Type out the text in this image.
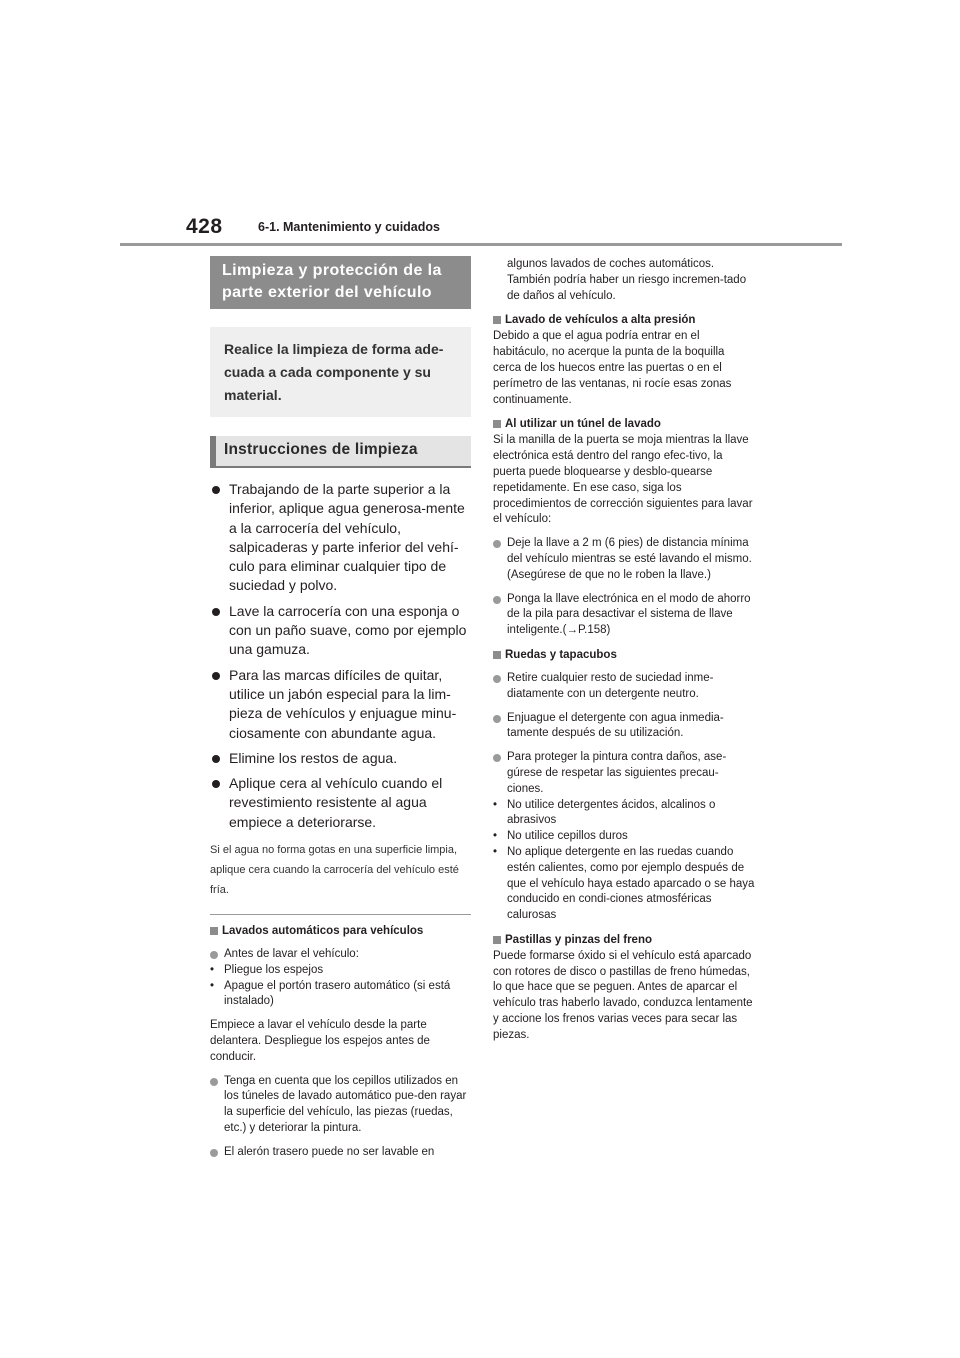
428	6-1. Mantenimiento y cuidados
Limpieza y protección de la parte exterior del vehículo
Realice la limpieza de forma ade-cuada a cada componente y su material.
Instrucciones de limpieza
Trabajando de la parte superior a la inferior, aplique agua generosa-mente a la carrocería del vehículo, salpicaderas y parte inferior del vehí-culo para eliminar cualquier tipo de suciedad y polvo.
Lave la carrocería con una esponja o con un paño suave, como por ejemplo una gamuza.
Para las marcas difíciles de quitar, utilice un jabón especial para la lim-pieza de vehículos y enjuague minu-ciosamente con abundante agua.
Elimine los restos de agua.
Aplique cera al vehículo cuando el revestimiento resistente al agua empiece a deteriorarse.
Si el agua no forma gotas en una superficie limpia, aplique cera cuando la carrocería del vehículo esté fría.
Lavados automáticos para vehículos
Antes de lavar el vehículo:
• Pliegue los espejos
• Apague el portón trasero automático (si está instalado)
Empiece a lavar el vehículo desde la parte delantera. Despliegue los espejos antes de conducir.
Tenga en cuenta que los cepillos utilizados en los túneles de lavado automático pue-den rayar la superficie del vehículo, las piezas (ruedas, etc.) y deteriorar la pintura.
El alerón trasero puede no ser lavable en
algunos lavados de coches automáticos. También podría haber un riesgo incremen-tado de daños al vehículo.
Lavado de vehículos a alta presión
Debido a que el agua podría entrar en el habitáculo, no acerque la punta de la boquilla cerca de los huecos entre las puertas o en el perímetro de las ventanas, ni rocíe esas zonas continuamente.
Al utilizar un túnel de lavado
Si la manilla de la puerta se moja mientras la llave electrónica está dentro del rango efec-tivo, la puerta puede bloquearse y desblo-quearse repetidamente. En ese caso, siga los procedimientos de corrección siguientes para lavar el vehículo:
Deje la llave a 2 m (6 pies) de distancia mínima del vehículo mientras se esté lavando el mismo. (Asegúrese de que no le roben la llave.)
Ponga la llave electrónica en el modo de ahorro de la pila para desactivar el sistema de llave inteligente.(→P.158)
Ruedas y tapacubos
Retire cualquier resto de suciedad inme-diatamente con un detergente neutro.
Enjuague el detergente con agua inmedia-tamente después de su utilización.
Para proteger la pintura contra daños, ase-gúrese de respetar las siguientes precau-ciones.
• No utilice detergentes ácidos, alcalinos o abrasivos
• No utilice cepillos duros
• No aplique detergente en las ruedas cuando estén calientes, como por ejemplo después de que el vehículo haya estado aparcado o se haya conducido en condi-ciones atmosféricas calurosas
Pastillas y pinzas del freno
Puede formarse óxido si el vehículo está aparcado con rotores de disco o pastillas de freno húmedas, lo que hace que se peguen. Antes de aparcar el vehículo tras haberlo lavado, conduzca lentamente y accione los frenos varias veces para secar las piezas.
